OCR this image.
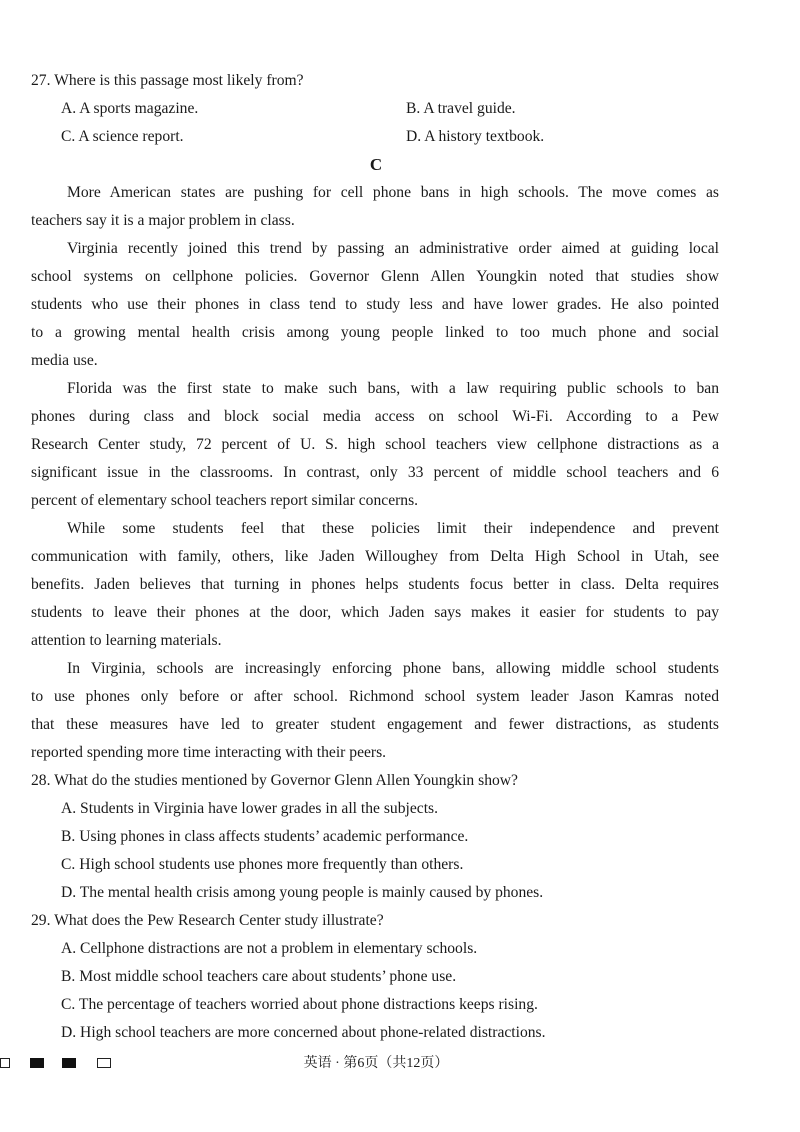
27. Where is this passage most likely from?

A. A sports magazine.	B. A travel guide.

C. A science report.	D. A history textbook.

C

More American states are pushing for cell phone bans in high schools. The move comes as

teachers say it is a major problem in class.

Virginia recently joined this trend by passing an administrative order aimed at guiding local

school systems on cellphone policies. Governor Glenn Allen Youngkin noted that studies show

students who use their phones in class tend to study less and have lower grades. He also pointed

to a growing mental health crisis among young people linked to too much phone and social

media use.

Florida was the first state to make such bans, with a law requiring public schools to ban

phones during class and block social media access on school Wi-Fi. According to a Pew

Research Center study, 72 percent of U. S. high school teachers view cellphone distractions as a

significant issue in the classrooms. In contrast, only 33 percent of middle school teachers and 6

percent of elementary school teachers report similar concerns.

While some students feel that these policies limit their independence and prevent

communication with family, others, like Jaden Willoughey from Delta High School in Utah, see

benefits. Jaden believes that turning in phones helps students focus better in class. Delta requires

students to leave their phones at the door, which Jaden says makes it easier for students to pay

attention to learning materials.

In Virginia, schools are increasingly enforcing phone bans, allowing middle school students

to use phones only before or after school. Richmond school system leader Jason Kamras noted

that these measures have led to greater student engagement and fewer distractions, as students

reported spending more time interacting with their peers.

28. What do the studies mentioned by Governor Glenn Allen Youngkin show?

A. Students in Virginia have lower grades in all the subjects.

B. Using phones in class affects students’ academic performance.

C. High school students use phones more frequently than others.

D. The mental health crisis among young people is mainly caused by phones.

29. What does the Pew Research Center study illustrate?

A. Cellphone distractions are not a problem in elementary schools.

B. Most middle school teachers care about students’ phone use.

C. The percentage of teachers worried about phone distractions keeps rising.

D. High school teachers are more concerned about phone-related distractions.

英语 · 第6页（共12页）
